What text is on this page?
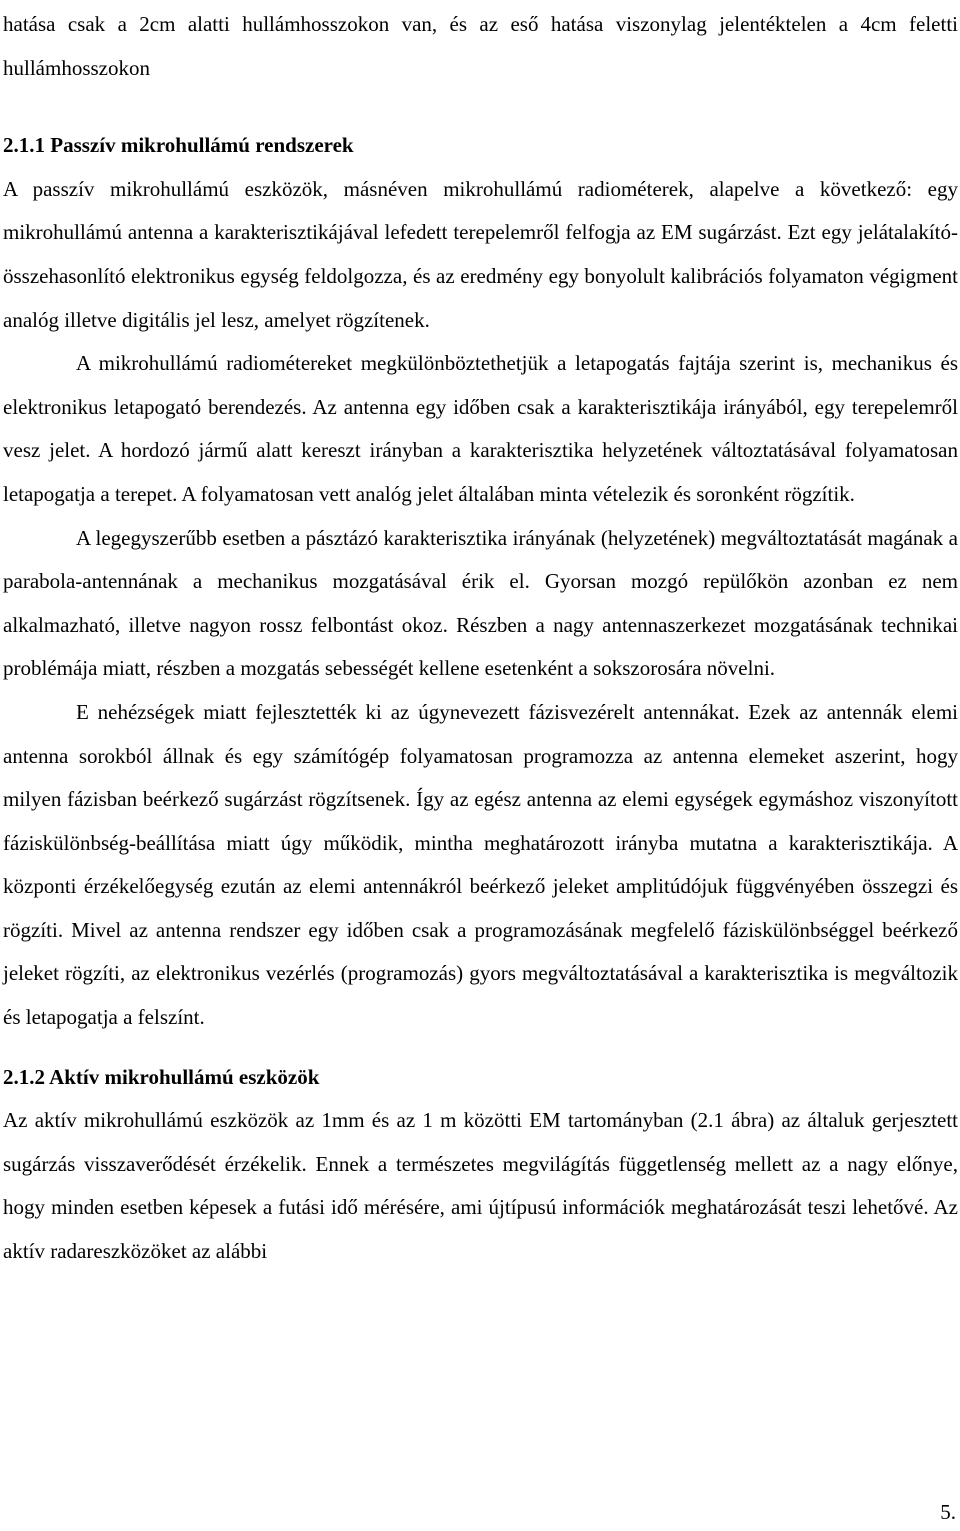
hatása csak a 2cm alatti hullámhosszokon van, és az eső hatása viszonylag jelentéktelen a 4cm feletti hullámhosszokon

2.1.1 Passzív mikrohullámú rendszerek

A passzív mikrohullámú eszközök, másnéven mikrohullámú radiométerek, alapelve a következő: egy mikrohullámú antenna a karakterisztikájával lefedett terepelemről felfogja az EM sugárzást. Ezt egy jelátalakító-összehasonlító elektronikus egység feldolgozza, és az eredmény egy bonyolult kalibrációs folyamaton végigment analóg illetve digitális jel lesz, amelyet rögzítenek.

A mikrohullámú radiométereket megkülönböztethetjük a letapogatás fajtája szerint is, mechanikus és elektronikus letapogató berendezés. Az antenna egy időben csak a karakterisztikája irányából, egy terepelemről vesz jelet. A hordozó jármű alatt kereszt irányban a karakterisztika helyzetének változtatásával folyamatosan letapogatja a terepet. A folyamatosan vett analóg jelet általában minta vételezik és soronként rögzítik.

A legegyszerűbb esetben a pásztázó karakterisztika irányának (helyzetének) megváltoztatását magának a parabola-antennának a mechanikus mozgatásával érik el. Gyorsan mozgó repülőkön azonban ez nem alkalmazható, illetve nagyon rossz felbontást okoz. Részben a nagy antennaszerkezet mozgatásának technikai problémája miatt, részben a mozgatás sebességét kellene esetenként a sokszorosára növelni.

E nehézségek miatt fejlesztették ki az úgynevezett fázisvezérelt antennákat. Ezek az antennák elemi antenna sorokból állnak és egy számítógép folyamatosan programozza az antenna elemeket aszerint, hogy milyen fázisban beérkező sugárzást rögzítsenek. Így az egész antenna az elemi egységek egymáshoz viszonyított fáziskülönbség-beállítása miatt úgy működik, mintha meghatározott irányba mutatna a karakterisztikája. A központi érzékelőegység ezután az elemi antennákról beérkező jeleket amplitúdójuk függvényében összegzi és rögzíti. Mivel az antenna rendszer egy időben csak a programozásának megfelelő fáziskülönbséggel beérkező jeleket rögzíti, az elektronikus vezérlés (programozás) gyors megváltoztatásával a karakterisztika is megváltozik és letapogatja a felszínt.

2.1.2 Aktív mikrohullámú eszközök

Az aktív mikrohullámú eszközök az 1mm és az 1 m közötti EM tartományban (2.1 ábra) az általuk gerjesztett sugárzás visszaverődését érzékelik. Ennek a természetes megvilágítás függetlenség mellett az a nagy előnye, hogy minden esetben képesek a futási idő mérésére, ami újtípusú információk meghatározását teszi lehetővé. Az aktív radareszközöket az alábbi

5.
